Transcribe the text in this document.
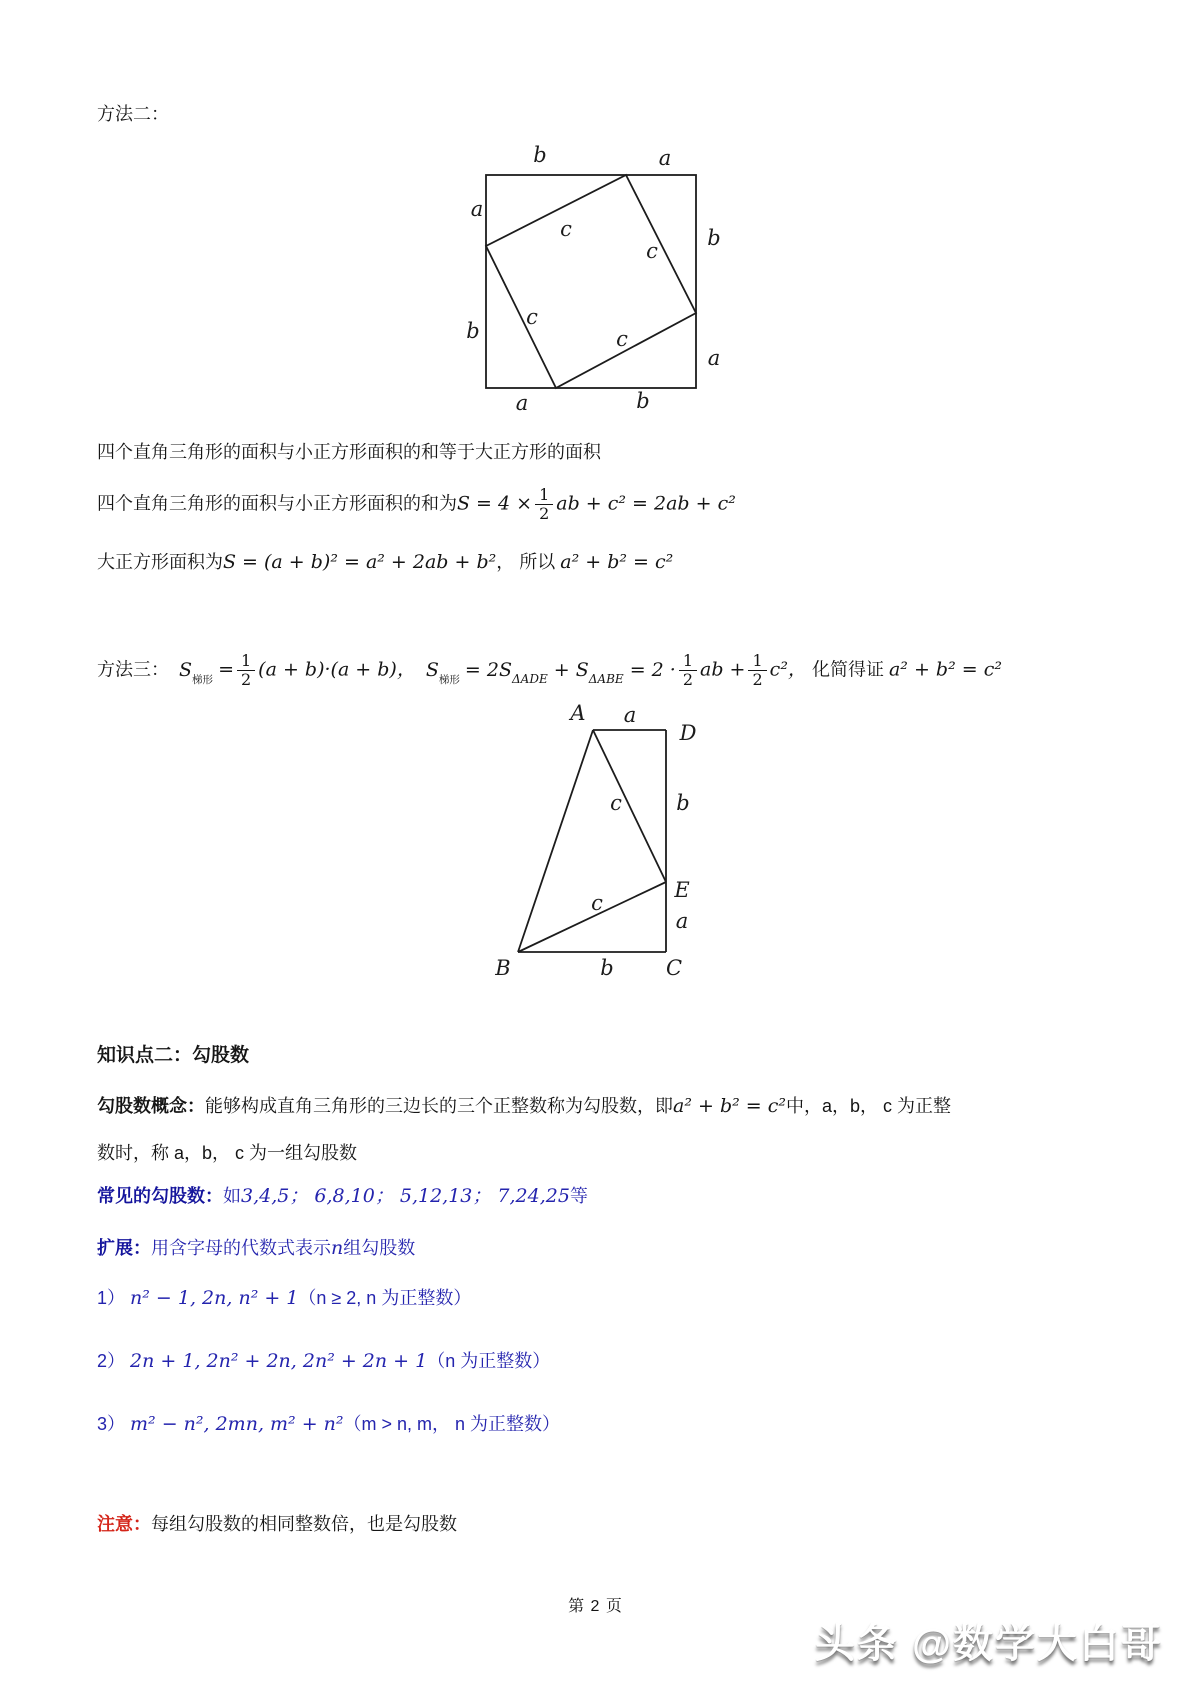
方法二：
b	a
a
b
b
a
a	b
c
c
c
c
四个直角三角形的面积与小正方形面积的和等于大正方形的面积
四个直角三角形的面积与小正方形面积的和为$S = 4 \times \frac{1}{2}$ ab + c² = 2ab + c²
大正方形面积为S = (a + b)² = a² + 2ab + b²， 所以 a² + b² = c²
方法三： $S_{梯形} = \frac{1}{2} (a + b)\cdot(a + b)$， $S_{梯形} = 2S_{\Delta ADE} + S_{\Delta ABE} = 2 \cdot \frac{1}{2}$ ab + $\frac{1}{2} c^2$， 化简得证 a² + b² = c²
A a
D
b
c
E
c
a
B	b C
知识点二：勾股数
勾股数概念：能够构成直角三角形的三边长的三个正整数称为勾股数，即a² + b² = c²中，a，b， c 为正整
数时，称 a，b， c 为一组勾股数
常见的勾股数：如3,4,5； 6,8,10； 5,12,13； 7,24,25等
扩展：用含字母的代数式表示n组勾股数
1） n² − 1, 2n, n² + 1（n ≥ 2, n 为正整数）
2） 2n + 1, 2n² + 2n, 2n² + 2n + 1（n 为正整数）
3） m² − n², 2mn, m² + n²（m > n, m， n 为正整数）
注意：每组勾股数的相同整数倍，也是勾股数
第 2 页
头条 @数学大白哥
